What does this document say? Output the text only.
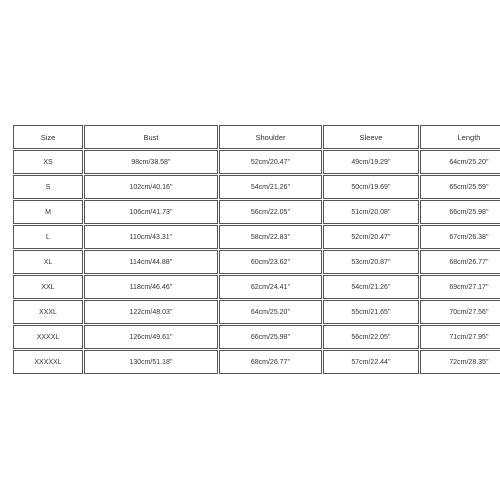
Size	Bust	Shoulder	Sleeve	Length
XS	98cm/38.58''	52cm/20.47''	49cm/19.29''	64cm/25.20''
S	102cm/40.16''	54cm/21.26''	50cm/19.69''	65cm/25.59''
M	106cm/41.73''	56cm/22.05''	51cm/20.08''	66cm/25.98''
L	110cm/43.31''	58cm/22.83''	52cm/20.47''	67cm/26.38''
XL	114cm/44.88''	60cm/23.62''	53cm/20.87''	68cm/26.77''
XXL	118cm/46.46''	62cm/24.41''	54cm/21.26''	69cm/27.17''
XXXL	122cm/48.03''	64cm/25.20''	55cm/21.65''	70cm/27.56''
XXXXL	126cm/49.61''	66cm/25.98''	56cm/22.05''	71cm/27.95''
XXXXXL	130cm/51.18''	68cm/26.77''	57cm/22.44''	72cm/28.35''
